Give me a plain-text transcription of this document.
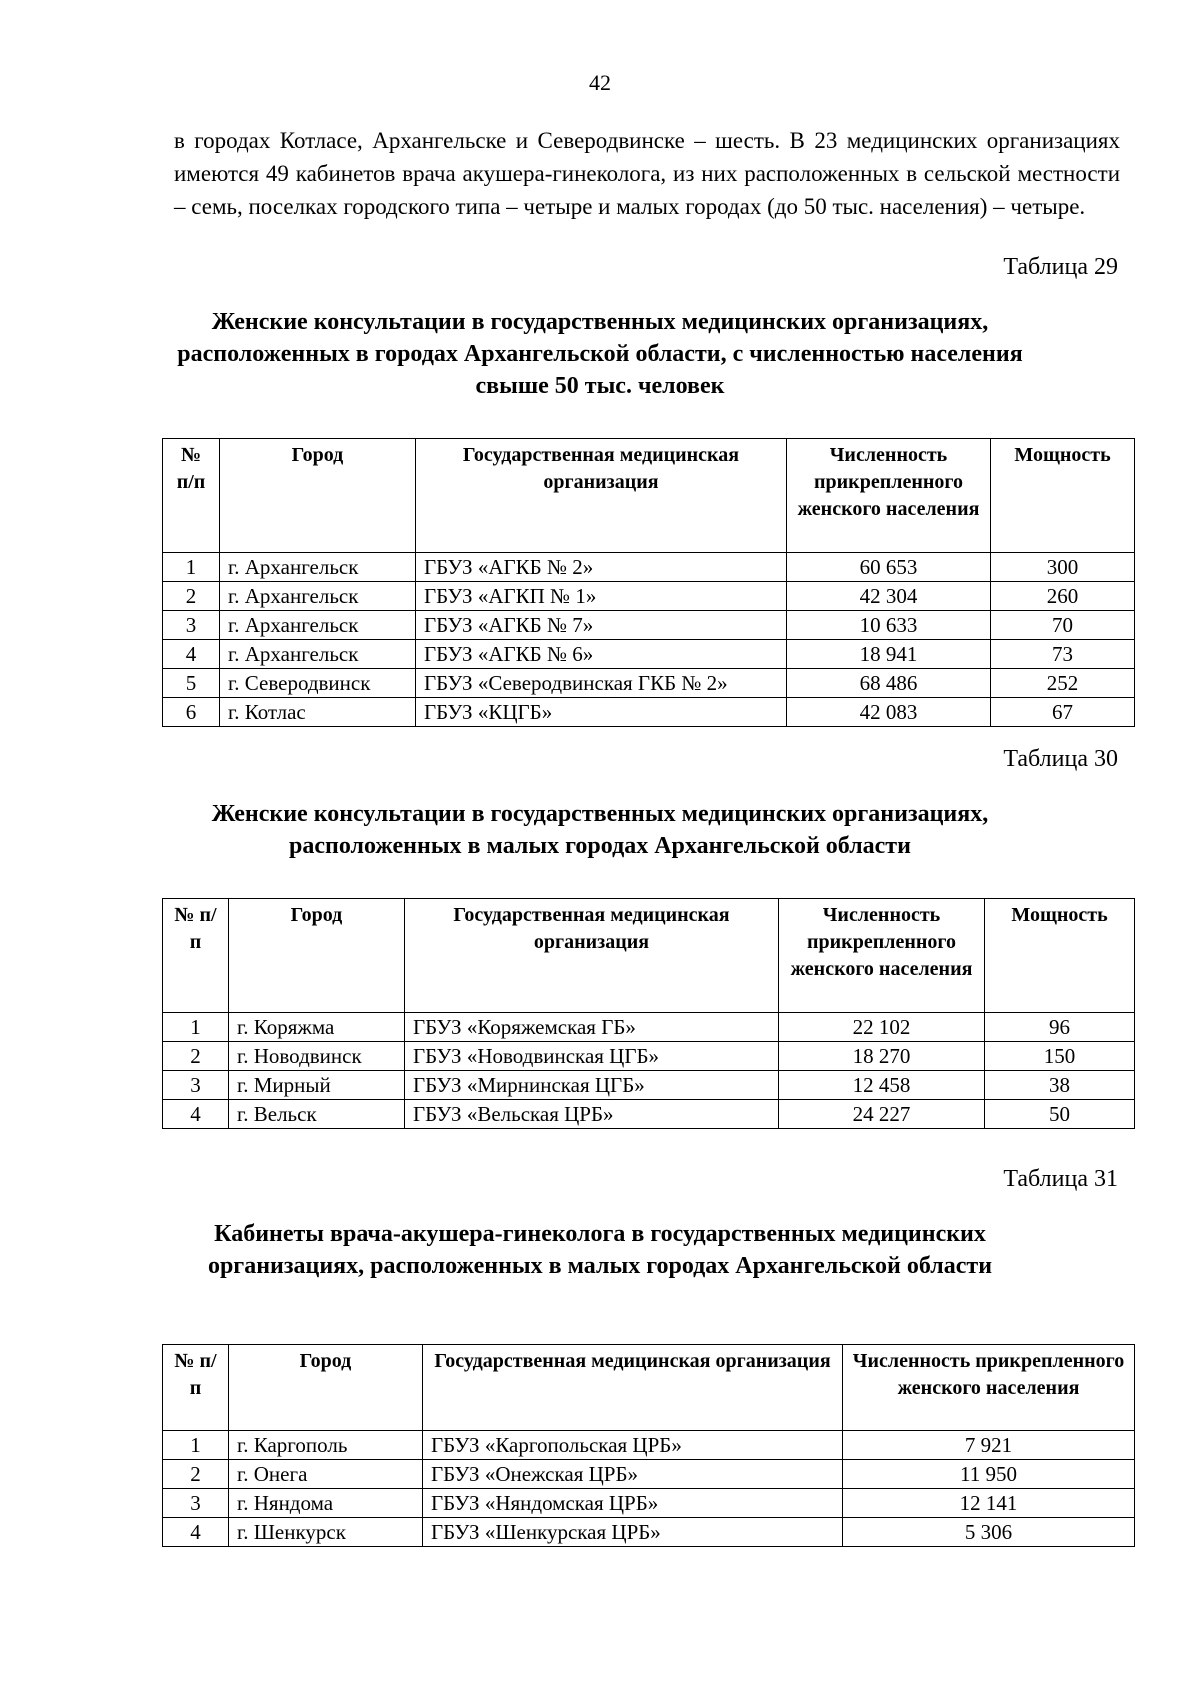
42
в городах Котласе, Архангельске и Северодвинске – шесть. В 23 медицинских организациях имеются 49 кабинетов врача акушера-гинеколога, из них расположенных в сельской местности – семь, поселках городского типа – четыре и малых городах (до 50 тыс. населения) – четыре.
Таблица 29
Женские консультации в государственных медицинских организациях, расположенных в городах Архангельской области, с численностью населения свыше 50 тыс. человек
№ п/п	Город	Государственная медицинская организация	Численность прикрепленного женского населения	Мощность
1	г. Архангельск	ГБУЗ «АГКБ № 2»	60 653	300
2	г. Архангельск	ГБУЗ «АГКП № 1»	42 304	260
3	г. Архангельск	ГБУЗ «АГКБ № 7»	10 633	70
4	г. Архангельск	ГБУЗ «АГКБ № 6»	18 941	73
5	г. Северодвинск	ГБУЗ «Северодвинская ГКБ № 2»	68 486	252
6	г. Котлас	ГБУЗ «КЦГБ»	42 083	67
Таблица 30
Женские консультации в государственных медицинских организациях, расположенных в малых городах Архангельской области
№ п/п	Город	Государственная медицинская организация	Численность прикрепленного женского населения	Мощность
1	г. Коряжма	ГБУЗ «Коряжемская ГБ»	22 102	96
2	г. Новодвинск	ГБУЗ «Новодвинская ЦГБ»	18 270	150
3	г. Мирный	ГБУЗ «Мирнинская ЦГБ»	12 458	38
4	г. Вельск	ГБУЗ «Вельская ЦРБ»	24 227	50
Таблица 31
Кабинеты врача-акушера-гинеколога в государственных медицинских организациях, расположенных в малых городах Архангельской области
№ п/п	Город	Государственная медицинская организация	Численность прикрепленного женского населения
1	г. Каргополь	ГБУЗ «Каргопольская ЦРБ»	7 921
2	г. Онега	ГБУЗ «Онежская ЦРБ»	11 950
3	г. Няндома	ГБУЗ «Няндомская ЦРБ»	12 141
4	г. Шенкурск	ГБУЗ «Шенкурская ЦРБ»	5 306
